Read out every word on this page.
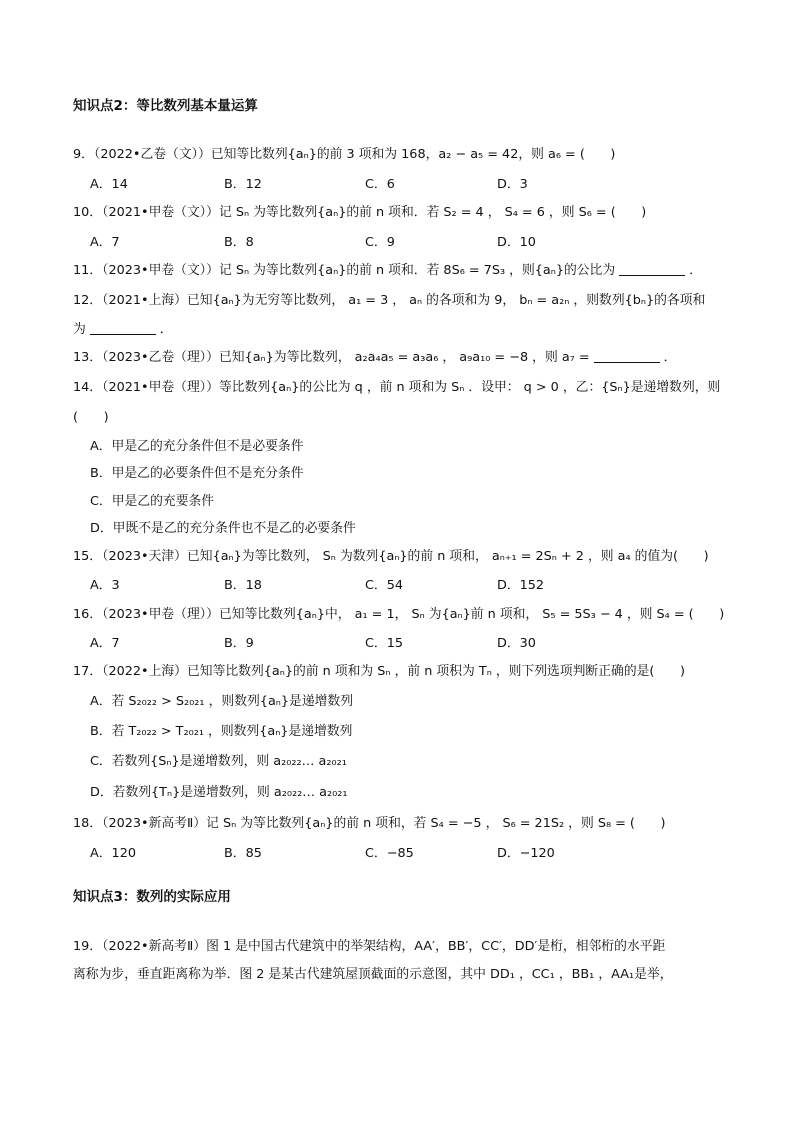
知识点2：等比数列基本量运算
9．（2022•乙卷（文））已知等比数列{aₙ}的前 3 项和为 168，a₂ − a₅ = 42，则 a₆ = (　　)
A．14	B．12	C．6	D．3
10．（2021•甲卷（文））记 Sₙ 为等比数列{aₙ}的前 n 项和．若 S₂ = 4 ， S₄ = 6 ，则 S₆ = (　　)
A．7	B．8	C．9	D．10
11．（2023•甲卷（文））记 Sₙ 为等比数列{aₙ}的前 n 项和．若 8S₆ = 7S₃ ，则{aₙ}的公比为	．
12．（2021•上海）已知{aₙ}为无穷等比数列， a₁ = 3 ， aₙ 的各项和为 9， bₙ = a₂ₙ ，则数列{bₙ}的各项和
为	．
13．（2023•乙卷（理））已知{aₙ}为等比数列， a₂a₄a₅ = a₃a₆ ， a₉a₁₀ = −8 ，则 a₇ =	．
14．（2021•甲卷（理））等比数列{aₙ}的公比为 q ，前 n 项和为 Sₙ ．设甲： q > 0 ，乙：{Sₙ}是递增数列，则
(　　)
A．甲是乙的充分条件但不是必要条件
B．甲是乙的必要条件但不是充分条件
C．甲是乙的充要条件
D．甲既不是乙的充分条件也不是乙的必要条件
15．（2023•天津）已知{aₙ}为等比数列， Sₙ 为数列{aₙ}的前 n 项和， aₙ₊₁ = 2Sₙ + 2 ，则 a₄ 的值为(　　)
A．3	B．18	C．54	D．152
16．（2023•甲卷（理））已知等比数列{aₙ}中， a₁ = 1， Sₙ 为{aₙ}前 n 项和， S₅ = 5S₃ − 4 ，则 S₄ = (　　)
A．7	B．9	C．15	D．30
17．（2022•上海）已知等比数列{aₙ}的前 n 项和为 Sₙ ，前 n 项积为 Tₙ ，则下列选项判断正确的是(　　)
A．若 S₂₀₂₂ > S₂₀₂₁ ，则数列{aₙ}是递增数列
B．若 T₂₀₂₂ > T₂₀₂₁ ，则数列{aₙ}是递增数列
C．若数列{Sₙ}是递增数列，则 a₂₀₂₂… a₂₀₂₁
D．若数列{Tₙ}是递增数列，则 a₂₀₂₂… a₂₀₂₁
18．（2023•新高考Ⅱ）记 Sₙ 为等比数列{aₙ}的前 n 项和，若 S₄ = −5 ， S₆ = 21S₂ ，则 S₈ = (　　)
A．120	B．85	C．−85	D．−120
知识点3：数列的实际应用
19．（2022•新高考Ⅱ）图 1 是中国古代建筑中的举架结构，AA′，BB′，CC′，DD′是桁，相邻桁的水平距
离称为步，垂直距离称为举．图 2 是某古代建筑屋顶截面的示意图，其中 DD₁ ，CC₁ ，BB₁ ，AA₁是举，
